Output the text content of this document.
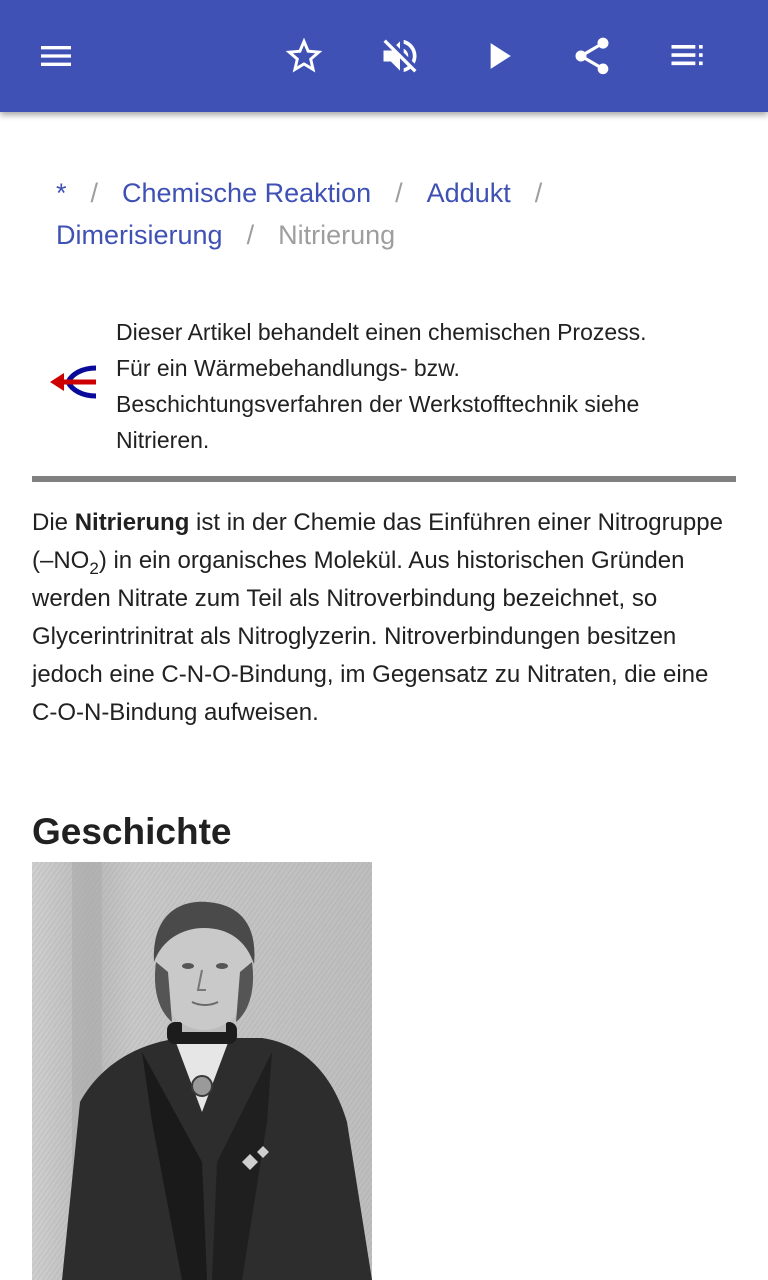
* / Chemische Reaktion / Addukt /
Dimerisierung / Nitrierung
Dieser Artikel behandelt einen chemischen Prozess.
Für ein Wärmebehandlungs- bzw.
Beschichtungsverfahren der Werkstofftechnik siehe
Nitrieren.
Die Nitrierung ist in der Chemie das Einführen einer Nitrogruppe $(-NO_2)$ in ein organisches Molekül. Aus historischen Gründen werden Nitrate zum Teil als Nitroverbindung bezeichnet, so Glycerintrinitrat als Nitroglyzerin. Nitroverbindungen besitzen jedoch eine C-N-O-Bindung, im Gegensatz zu Nitraten, die eine C-O-N-Bindung aufweisen.
Geschichte
